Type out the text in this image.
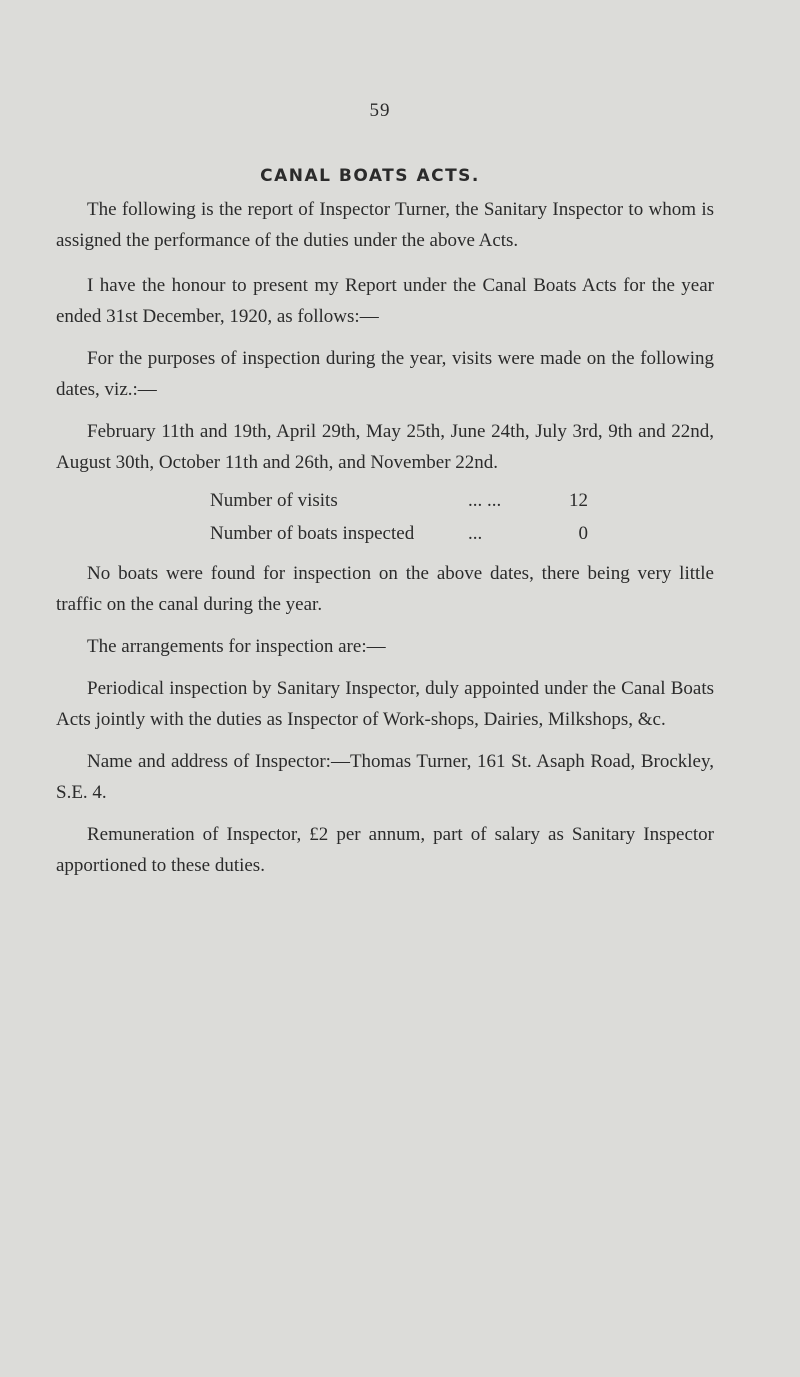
59
CANAL BOATS ACTS.

The following is the report of Inspector Turner, the Sanitary Inspector to whom is assigned the performance of the duties under the above Acts.

I have the honour to present my Report under the Canal Boats Acts for the year ended 31st December, 1920, as follows:—

For the purposes of inspection during the year, visits were made on the following dates, viz.:—

February 11th and 19th, April 29th, May 25th, June 24th, July 3rd, 9th and 22nd, August 30th, October 11th and 26th, and November 22nd.

Number of visits	... ...	12
Number of boats inspected	...	0

No boats were found for inspection on the above dates, there being very little traffic on the canal during the year.

The arrangements for inspection are:—

Periodical inspection by Sanitary Inspector, duly appointed under the Canal Boats Acts jointly with the duties as Inspector of Work-shops, Dairies, Milkshops, &c.

Name and address of Inspector:—Thomas Turner, 161 St. Asaph Road, Brockley, S.E. 4.

Remuneration of Inspector, £2 per annum, part of salary as Sanitary Inspector apportioned to these duties.
